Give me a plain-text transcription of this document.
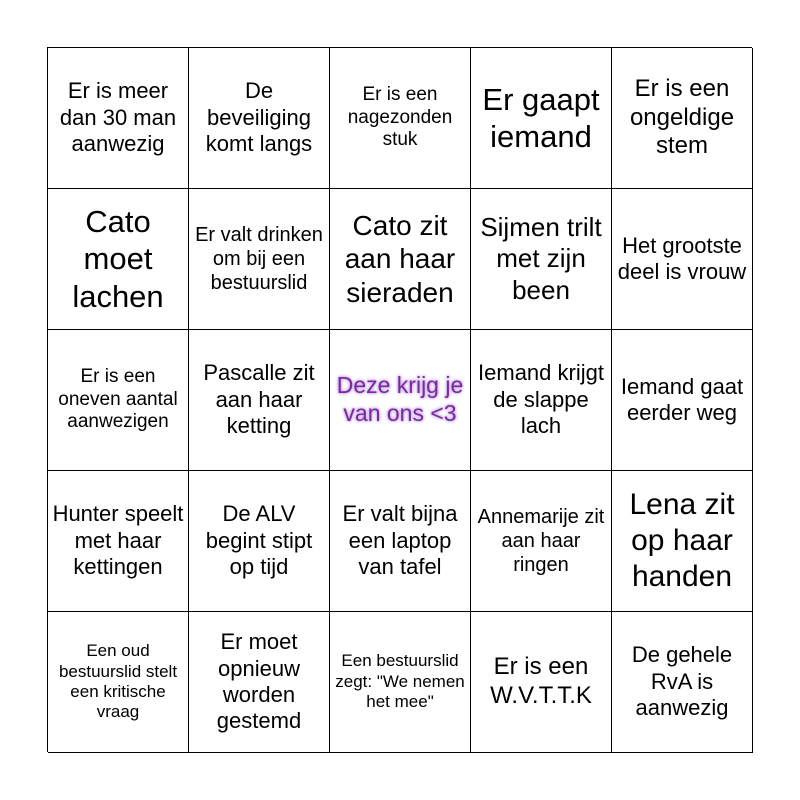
Er is meer dan 30 man aanwezig
De beveiliging komt langs
Er is een nagezonden stuk
Er gaapt iemand
Er is een ongeldige stem
Cato moet lachen
Er valt drinken om bij een bestuurslid
Cato zit aan haar sieraden
Sijmen trilt met zijn been
Het grootste deel is vrouw
Er is een oneven aantal aanwezigen
Pascalle zit aan haar ketting
Deze krijg je van ons <3
Iemand krijgt de slappe lach
Iemand gaat eerder weg
Hunter speelt met haar kettingen
De ALV begint stipt op tijd
Er valt bijna een laptop van tafel
Annemarije zit aan haar ringen
Lena zit op haar handen
Een oud bestuurslid stelt een kritische vraag
Er moet opnieuw worden gestemd
Een bestuurslid zegt: "We nemen het mee"
Er is een W.V.T.T.K
De gehele RvA is aanwezig
